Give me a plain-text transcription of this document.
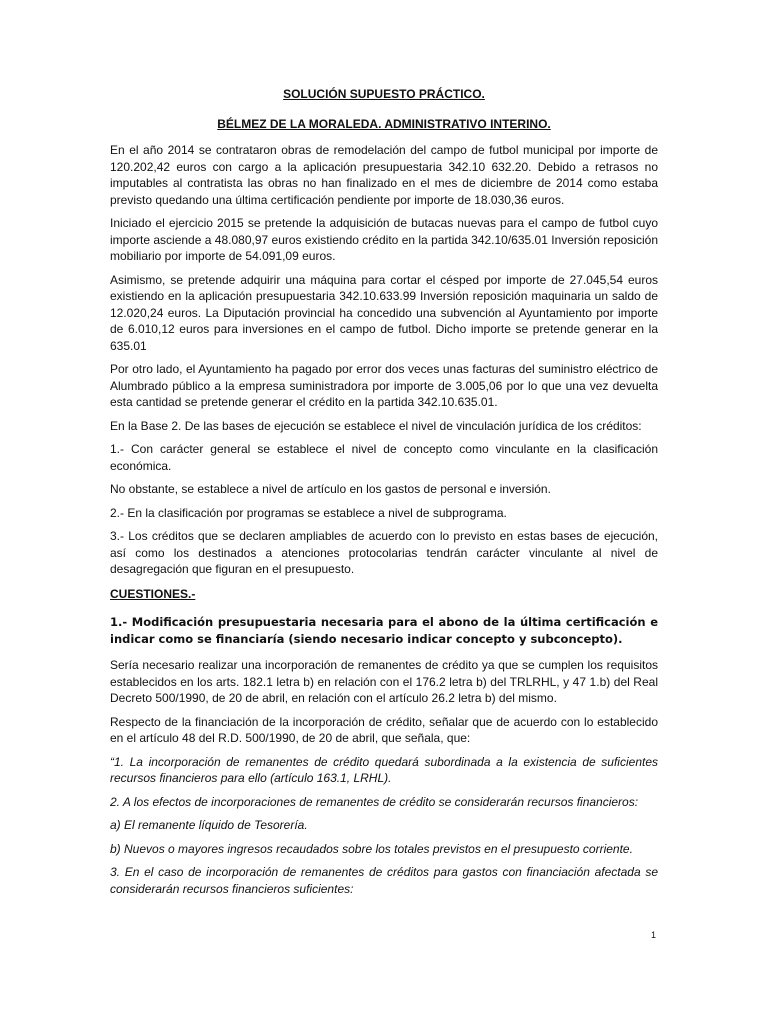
SOLUCIÓN SUPUESTO PRÁCTICO.
BÉLMEZ DE LA MORALEDA. ADMINISTRATIVO INTERINO.

En el año 2014 se contrataron obras de remodelación del campo de futbol municipal por importe de 120.202,42 euros con cargo a la aplicación presupuestaria 342.10 632.20. Debido a retrasos no imputables al contratista las obras no han finalizado en el mes de diciembre de 2014 como estaba previsto quedando una última certificación pendiente por importe de 18.030,36 euros.

Iniciado el ejercicio 2015 se pretende la adquisición de butacas nuevas para el campo de futbol cuyo importe asciende a 48.080,97 euros existiendo crédito en la partida 342.10/635.01 Inversión reposición mobiliario por importe de 54.091,09 euros.

Asimismo, se pretende adquirir una máquina para cortar el césped por importe de 27.045,54 euros existiendo en la aplicación presupuestaria 342.10.633.99 Inversión reposición maquinaria un saldo de 12.020,24 euros. La Diputación provincial ha concedido una subvención al Ayuntamiento por importe de 6.010,12 euros para inversiones en el campo de futbol. Dicho importe se pretende generar en la 635.01

Por otro lado, el Ayuntamiento ha pagado por error dos veces unas facturas del suministro eléctrico de Alumbrado público a la empresa suministradora por importe de 3.005,06 por lo que una vez devuelta esta cantidad se pretende generar el crédito en la partida 342.10.635.01.

En la Base 2. De las bases de ejecución se establece el nivel de vinculación jurídica de los créditos:

1.- Con carácter general se establece el nivel de concepto como vinculante en la clasificación económica.

No obstante, se establece a nivel de artículo en los gastos de personal e inversión.

2.- En la clasificación por programas se establece a nivel de subprograma.

3.- Los créditos que se declaren ampliables de acuerdo con lo previsto en estas bases de ejecución, así como los destinados a atenciones protocolarias tendrán carácter vinculante al nivel de desagregación que figuran en el presupuesto.

CUESTIONES.-

1.- Modificación presupuestaria necesaria para el abono de la última certificación e indicar como se financiaría (siendo necesario indicar concepto y subconcepto).

Sería necesario realizar una incorporación de remanentes de crédito ya que se cumplen los requisitos establecidos en los arts. 182.1 letra b) en relación con el 176.2 letra b) del TRLRHL, y 47 1.b) del Real Decreto 500/1990, de 20 de abril, en relación con el artículo 26.2 letra b) del mismo.

Respecto de la financiación de la incorporación de crédito, señalar que de acuerdo con lo establecido en el artículo 48 del R.D. 500/1990, de 20 de abril, que señala, que:

“1. La incorporación de remanentes de crédito quedará subordinada a la existencia de suficientes recursos financieros para ello (artículo 163.1, LRHL).

2. A los efectos de incorporaciones de remanentes de crédito se considerarán recursos financieros:

a) El remanente líquido de Tesorería.

b) Nuevos o mayores ingresos recaudados sobre los totales previstos en el presupuesto corriente.

3. En el caso de incorporación de remanentes de créditos para gastos con financiación afectada se considerarán recursos financieros suficientes:

1
